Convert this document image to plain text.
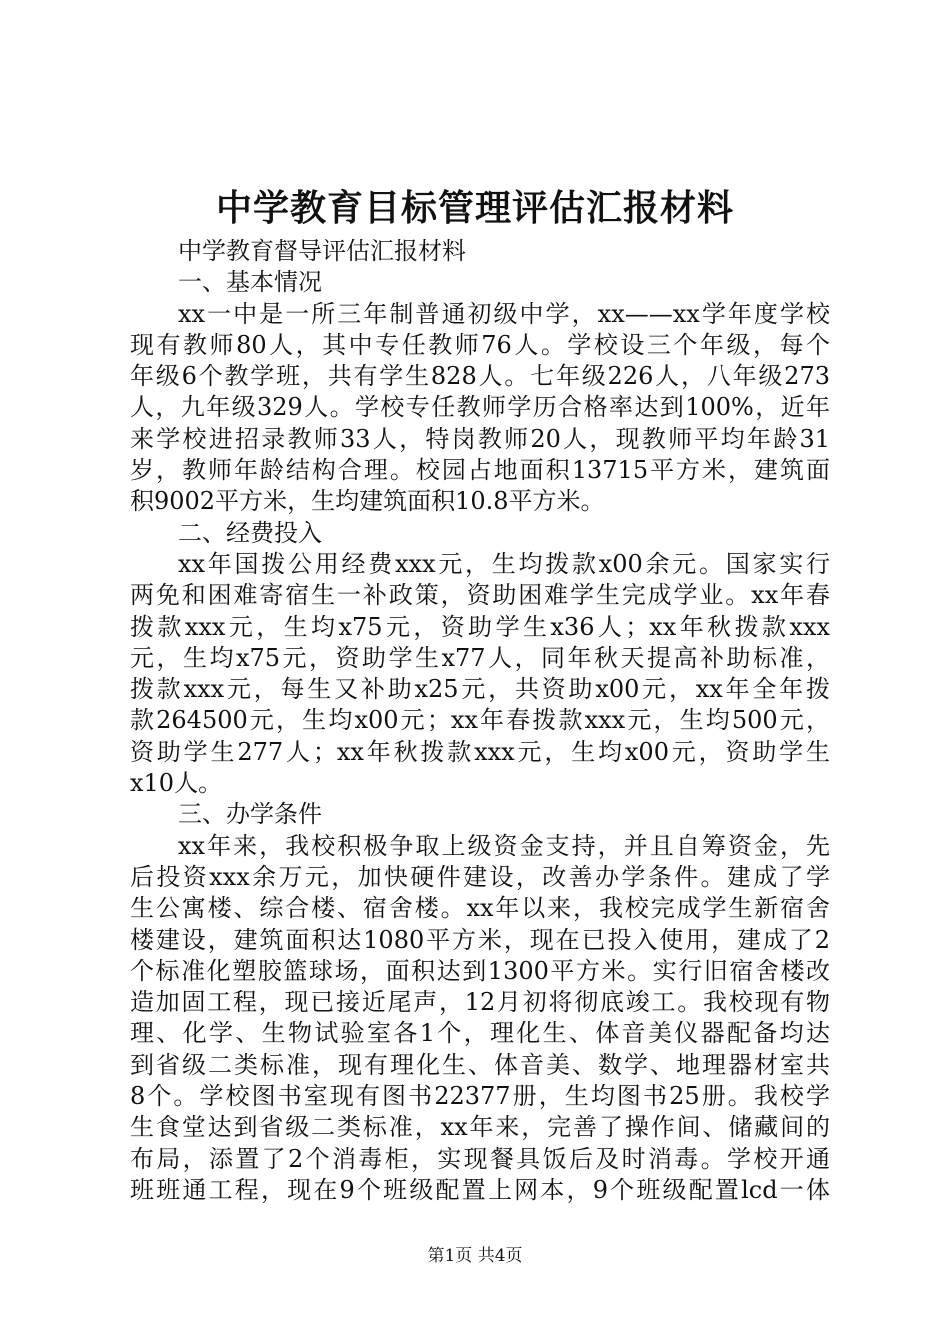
中学教育目标管理评估汇报材料

中学教育督导评估汇报材料

一、基本情况

xx一中是一所三年制普通初级中学，xx——xx学年度学校

现有教师80人，其中专任教师76人。学校设三个年级，每个

年级6个教学班，共有学生828人。七年级226人，八年级273

人，九年级329人。学校专任教师学历合格率达到100%，近年

来学校进招录教师33人，特岗教师20人，现教师平均年龄31

岁，教师年龄结构合理。校园占地面积13715平方米，建筑面

积9002平方米，生均建筑面积10.8平方米。

二、经费投入

xx年国拨公用经费xxx元，生均拨款x00余元。国家实行

两免和困难寄宿生一补政策，资助困难学生完成学业。xx年春

拨款xxx元，生均x75元，资助学生x36人；xx年秋拨款xxx

元，生均x75元，资助学生x77人，同年秋天提高补助标准，

拨款xxx元，每生又补助x25元，共资助x00元，xx年全年拨

款264500元，生均x00元；xx年春拨款xxx元，生均500元，

资助学生277人；xx年秋拨款xxx元，生均x00元，资助学生

x10人。

三、办学条件

xx年来，我校积极争取上级资金支持，并且自筹资金，先

后投资xxx余万元，加快硬件建设，改善办学条件。建成了学

生公寓楼、综合楼、宿舍楼。xx年以来，我校完成学生新宿舍

楼建设，建筑面积达1080平方米，现在已投入使用，建成了2

个标准化塑胶篮球场，面积达到1300平方米。实行旧宿舍楼改

造加固工程，现已接近尾声，12月初将彻底竣工。我校现有物

理、化学、生物试验室各1个，理化生、体音美仪器配备均达

到省级二类标准，现有理化生、体音美、数学、地理器材室共

8个。学校图书室现有图书22377册，生均图书25册。我校学

生食堂达到省级二类标准，xx年来，完善了操作间、储藏间的

布局，添置了2个消毒柜，实现餐具饭后及时消毒。学校开通

班班通工程，现在9个班级配置上网本，9个班级配置lcd一体

第1页 共4页
